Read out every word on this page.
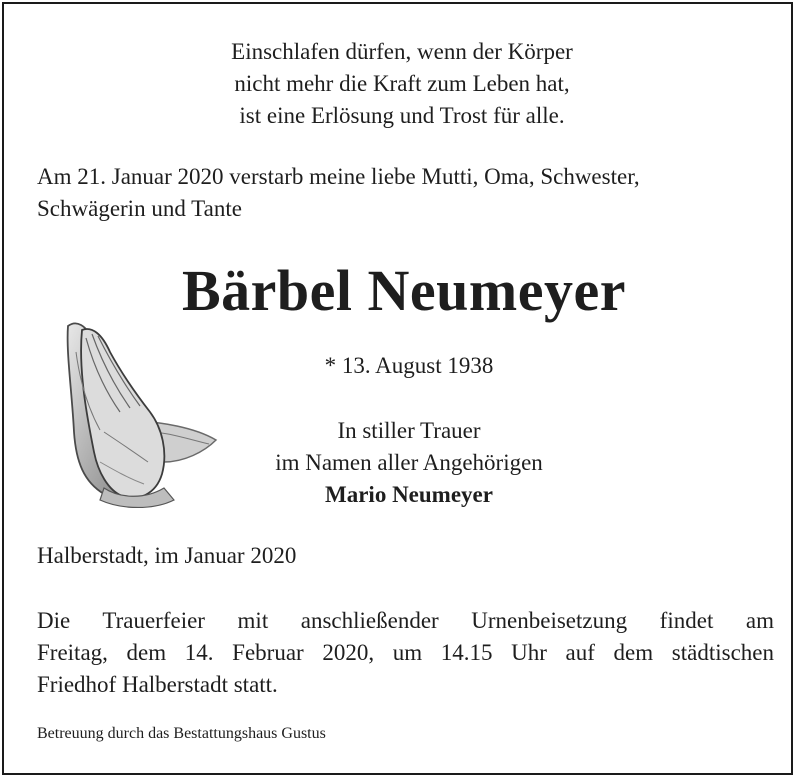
Einschlafen dürfen, wenn der Körper
nicht mehr die Kraft zum Leben hat,
ist eine Erlösung und Trost für alle.
Am 21. Januar 2020 verstarb meine liebe Mutti, Oma, Schwester,
Schwägerin und Tante
Bärbel Neumeyer
* 13. August 1938
In stiller Trauer
im Namen aller Angehörigen
Mario Neumeyer
Halberstadt, im Januar 2020
Die Trauerfeier mit anschließender Urnenbeisetzung findet am
Freitag, dem 14. Februar 2020, um 14.15 Uhr auf dem städtischen
Friedhof Halberstadt statt.
Betreuung durch das Bestattungshaus Gustus
